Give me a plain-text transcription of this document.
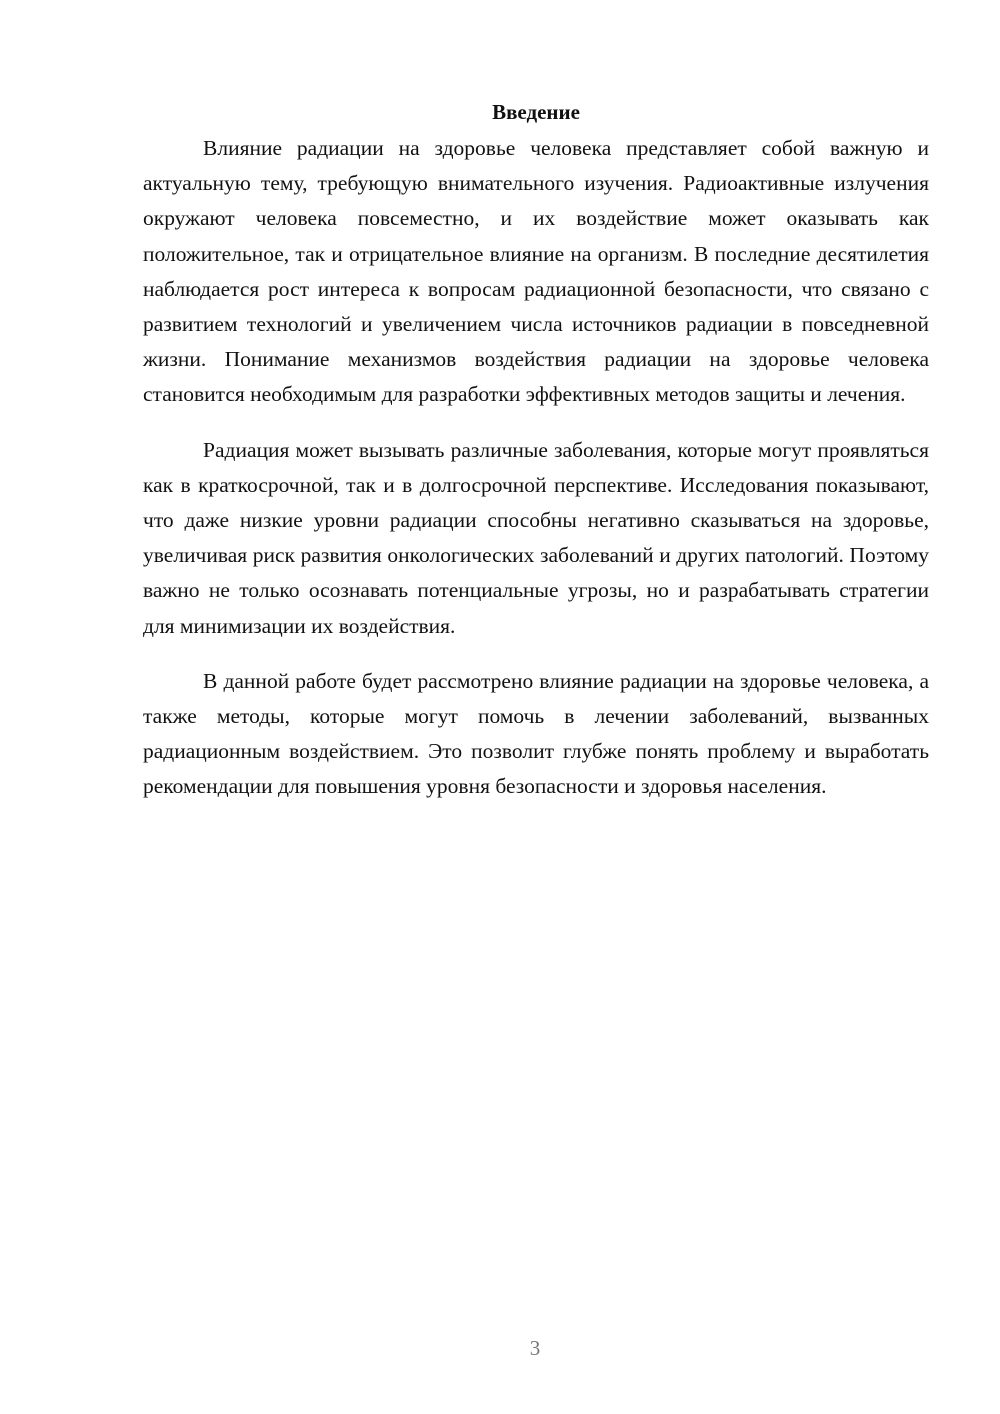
Введение

Влияние радиации на здоровье человека представляет собой важную и актуальную тему, требующую внимательного изучения. Радиоактивные излучения окружают человека повсеместно, и их воздействие может оказывать как положительное, так и отрицательное влияние на организм. В последние десятилетия наблюдается рост интереса к вопросам радиационной безопасности, что связано с развитием технологий и увеличением числа источников радиации в повседневной жизни. Понимание механизмов воздействия радиации на здоровье человека становится необходимым для разработки эффективных методов защиты и лечения.

Радиация может вызывать различные заболевания, которые могут проявляться как в краткосрочной, так и в долгосрочной перспективе. Исследования показывают, что даже низкие уровни радиации способны негативно сказываться на здоровье, увеличивая риск развития онкологических заболеваний и других патологий. Поэтому важно не только осознавать потенциальные угрозы, но и разрабатывать стратегии для минимизации их воздействия.

В данной работе будет рассмотрено влияние радиации на здоровье человека, а также методы, которые могут помочь в лечении заболеваний, вызванных радиационным воздействием. Это позволит глубже понять проблему и выработать рекомендации для повышения уровня безопасности и здоровья населения.

3
